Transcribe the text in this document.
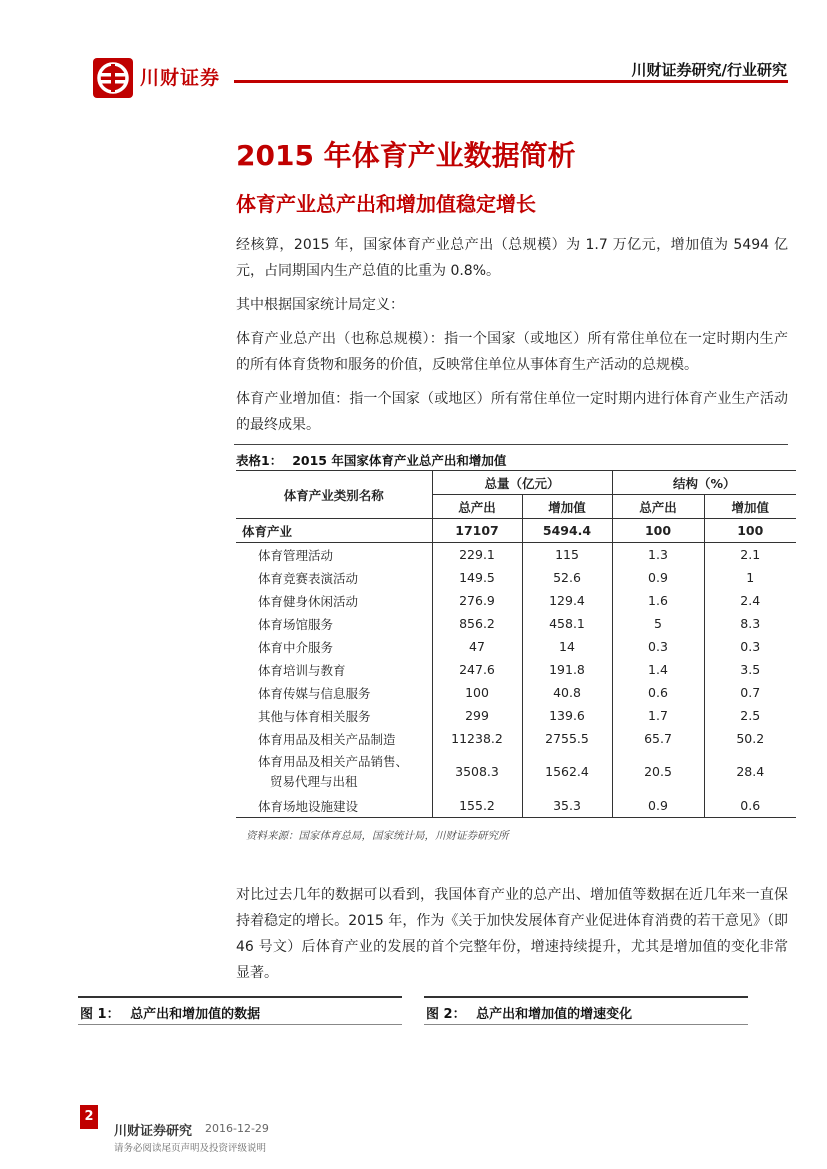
川财证券	川财证券研究/行业研究
2015 年体育产业数据简析
体育产业总产出和增加值稳定增长

经核算，2015 年，国家体育产业总产出（总规模）为 1.7 万亿元，增加值为 5494 亿元，占同期国内生产总值的比重为 0.8%。

其中根据国家统计局定义：

体育产业总产出（也称总规模）：指一个国家（或地区）所有常住单位在一定时期内生产的所有体育货物和服务的价值，反映常住单位从事体育生产活动的总规模。

体育产业增加值：指一个国家（或地区）所有常住单位一定时期内进行体育产业生产活动的最终成果。

表格1： 2015 年国家体育产业总产出和增加值
体育产业类别名称	总量（亿元）		结构（%）	
	总产出	增加值	总产出	增加值
体育产业	17107	5494.4	100	100
体育管理活动	229.1	115	1.3	2.1
体育竞赛表演活动	149.5	52.6	0.9	1
体育健身休闲活动	276.9	129.4	1.6	2.4
体育场馆服务	856.2	458.1	5	8.3
体育中介服务	47	14	0.3	0.3
体育培训与教育	247.6	191.8	1.4	3.5
体育传媒与信息服务	100	40.8	0.6	0.7
其他与体育相关服务	299	139.6	1.7	2.5
体育用品及相关产品制造	11238.2	2755.5	65.7	50.2

体育用品及相关产品销售、
贸易代理与出租	3508.3	1562.4	20.5	28.4
体育场地设施建设	155.2	35.3	0.9	0.6
资料来源：国家体育总局，国家统计局，川财证券研究所

对比过去几年的数据可以看到，我国体育产业的总产出、增加值等数据在近几年来一直保持着稳定的增长。2015 年，作为《关于加快发展体育产业促进体育消费的若干意见》（即 46 号文）后体育产业的发展的首个完整年份，增速持续提升，尤其是增加值的变化非常显著。

图 1： 总产出和增加值的数据	图 2： 总产出和增加值的增速变化
2
川财证券研究 2016-12-29
请务必阅读尾页声明及投资评级说明
